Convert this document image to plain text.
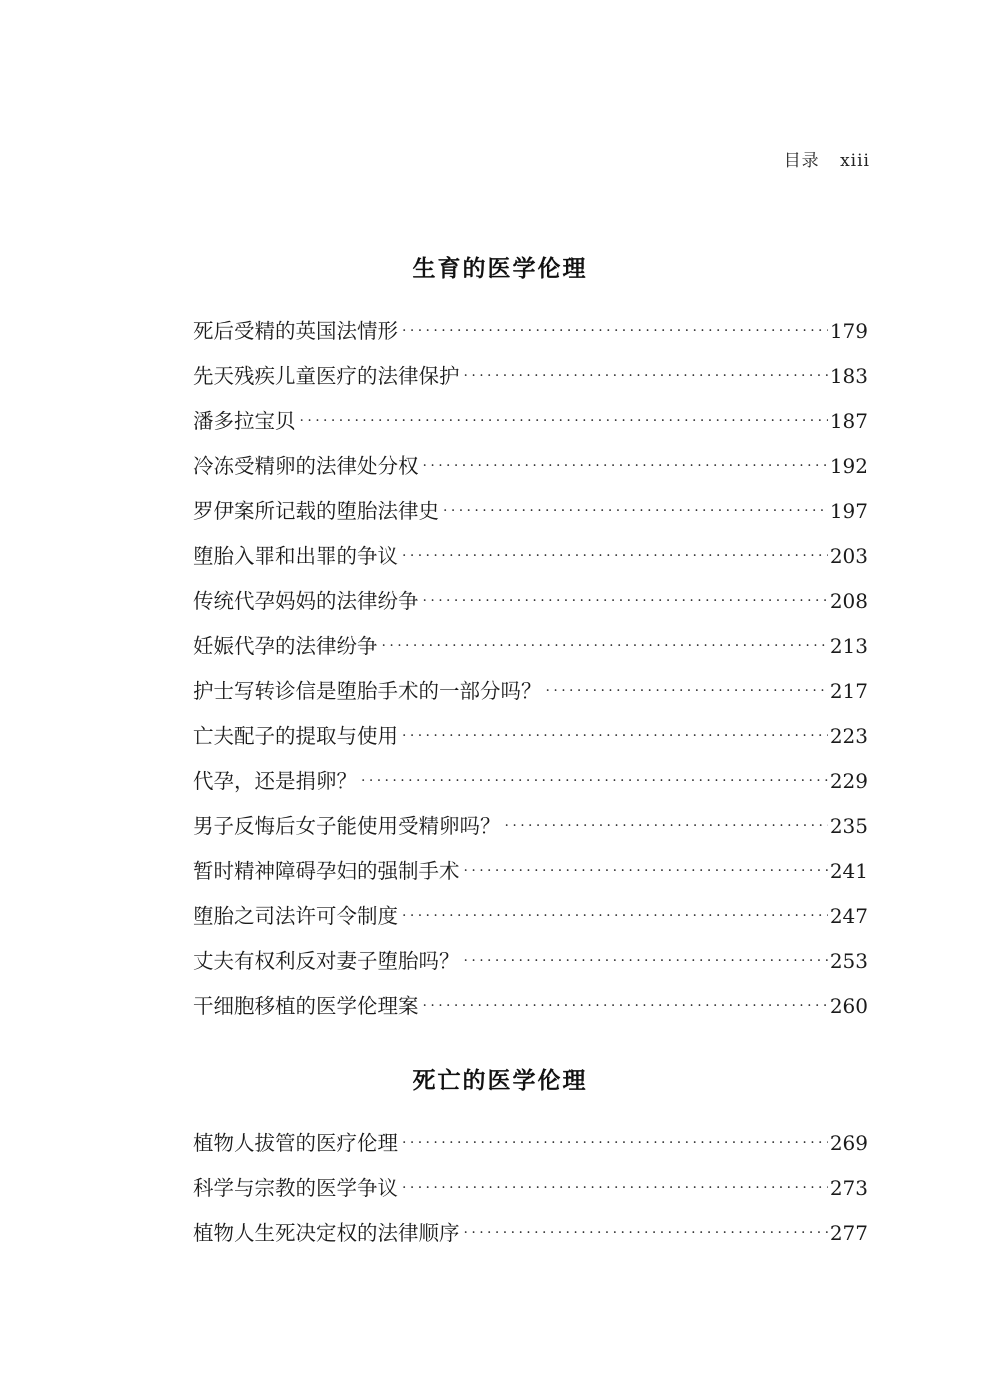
目录 xiii
生育的医学伦理
死后受精的英国法情形 ·····	179
先天残疾儿童医疗的法律保护 ·····	183
潘多拉宝贝 ·····	187
冷冻受精卵的法律处分权 ·····	192
罗伊案所记载的堕胎法律史 ·····	197
堕胎入罪和出罪的争议 ·····	203
传统代孕妈妈的法律纷争 ·····	208
妊娠代孕的法律纷争 ·····	213
护士写转诊信是堕胎手术的一部分吗？ ·····	217
亡夫配子的提取与使用 ·····	223
代孕，还是捐卵？ ·····	229
男子反悔后女子能使用受精卵吗？ ·····	235
暂时精神障碍孕妇的强制手术 ·····	241
堕胎之司法许可令制度 ·····	247
丈夫有权利反对妻子堕胎吗？ ·····	253
干细胞移植的医学伦理案 ·····	260
死亡的医学伦理
植物人拔管的医疗伦理 ·····	269
科学与宗教的医学争议 ·····	273
植物人生死决定权的法律顺序 ·····	277
